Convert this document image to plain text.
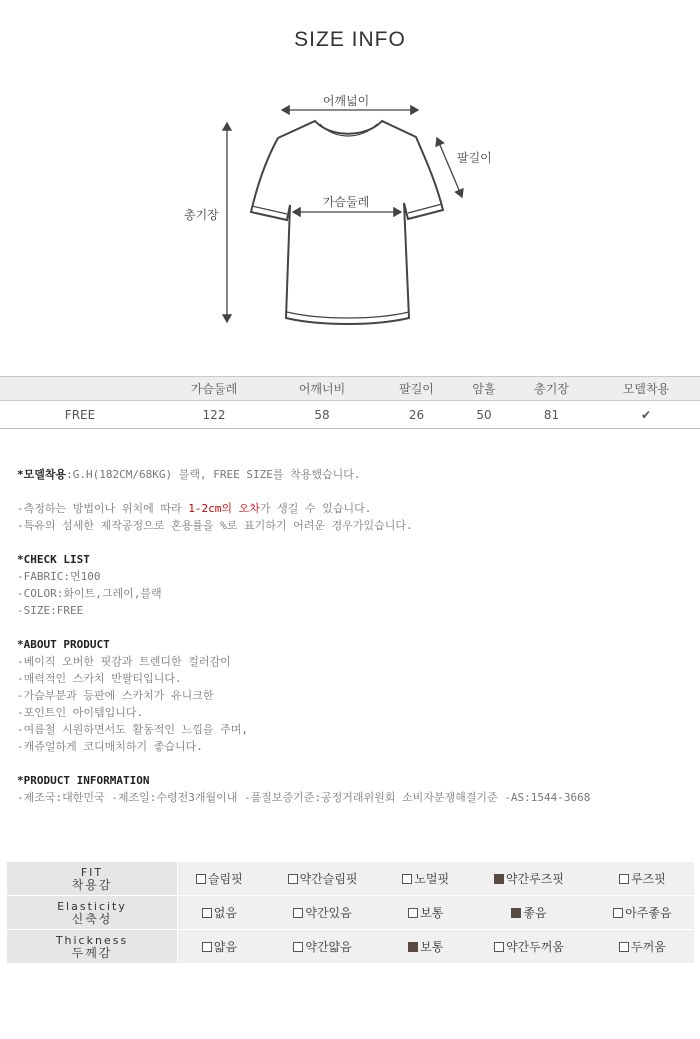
SIZE INFO
어깨넓이
팔길이
총기장
가슴둘레
	가슴둘레	어깨너비	팔길이	암홀	총기장	모델착용
FREE	122	58	26	50	81	✔
*모델착용:G.H(182CM/68KG) 블랙, FREE SIZE를 착용했습니다.
-측정하는 방법이나 위치에 따라 1-2cm의 오차가 생길 수 있습니다.
-특유의 섬세한 제작공정으로 혼용률을 %로 표기하기 어려운 경우가있습니다.
*CHECK LIST
-FABRIC:면100
-COLOR:화이트,그레이,블랙
-SIZE:FREE
*ABOUT PRODUCT
-베이직 오버한 핏감과 트렌디한 컬러감이
-매력적인 스카치 반팔티입니다.
-가슴부분과 등판에 스카치가 유니크한
-포인트인 아이템입니다.
-여름철 시원하면서도 활동적인 느낌을 주며,
-캐쥬얼하게 코디매치하기 좋습니다.
*PRODUCT INFORMATION
-제조국:대한민국 -제조일:수령전3개월이내 -품질보증기준:공정거래위원회 소비자분쟁해결기준 -AS:1544-3668
FIT
착용감	슬림핏	약간슬림핏	노멀핏	약간루즈핏	루즈핏

Elasticity
신축성	없음	약간있음	보통	좋음	아주좋음

Thickness
두께감	얇음	약간얇음	보통	약간두꺼움	두꺼움
